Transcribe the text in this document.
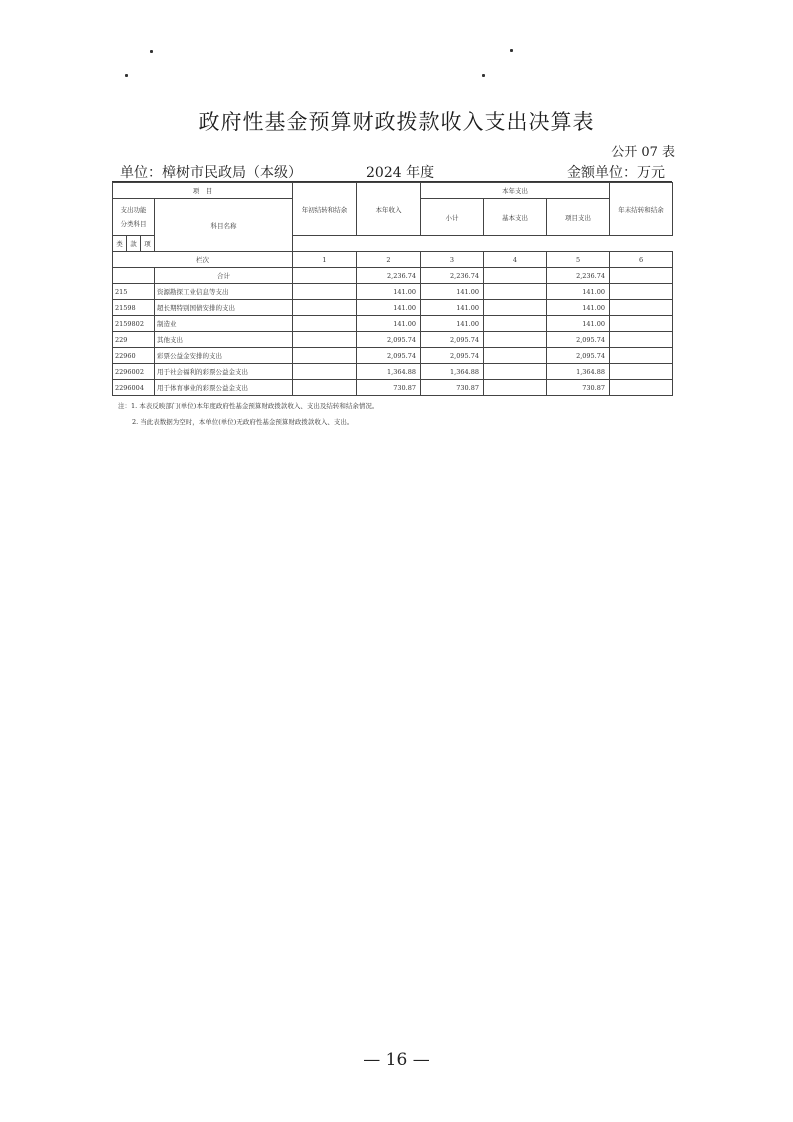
政府性基金预算财政拨款收入支出决算表
公开 07 表
单位：樟树市民政局（本级）	2024 年度	金额单位：万元
项　目				年初结转和结余	本年收入	本年支出			年末结转和结余

支出功能
分类科目			科目名称			小计	基本支出	项目支出	
类	款	项							
栏次				1	2	3	4	5	6
			合计		2,236.74	2,236.74		2,236.74	
215			资源勘探工业信息等支出		141.00	141.00		141.00	
21598			超长期特别国债安排的支出		141.00	141.00		141.00	
2159802			制造业		141.00	141.00		141.00	
229			其他支出		2,095.74	2,095.74		2,095.74	
22960			彩票公益金安排的支出		2,095.74	2,095.74		2,095.74	
2296002			用于社会福利的彩票公益金支出		1,364.88	1,364.88		1,364.88	
2296004			用于体育事业的彩票公益金支出		730.87	730.87		730.87	
注：1. 本表反映部门(单位)本年度政府性基金预算财政拨款收入、支出及结转和结余情况。
2. 当此表数据为空时，本单位(单位)无政府性基金预算财政拨款收入、支出。
— 16 —
